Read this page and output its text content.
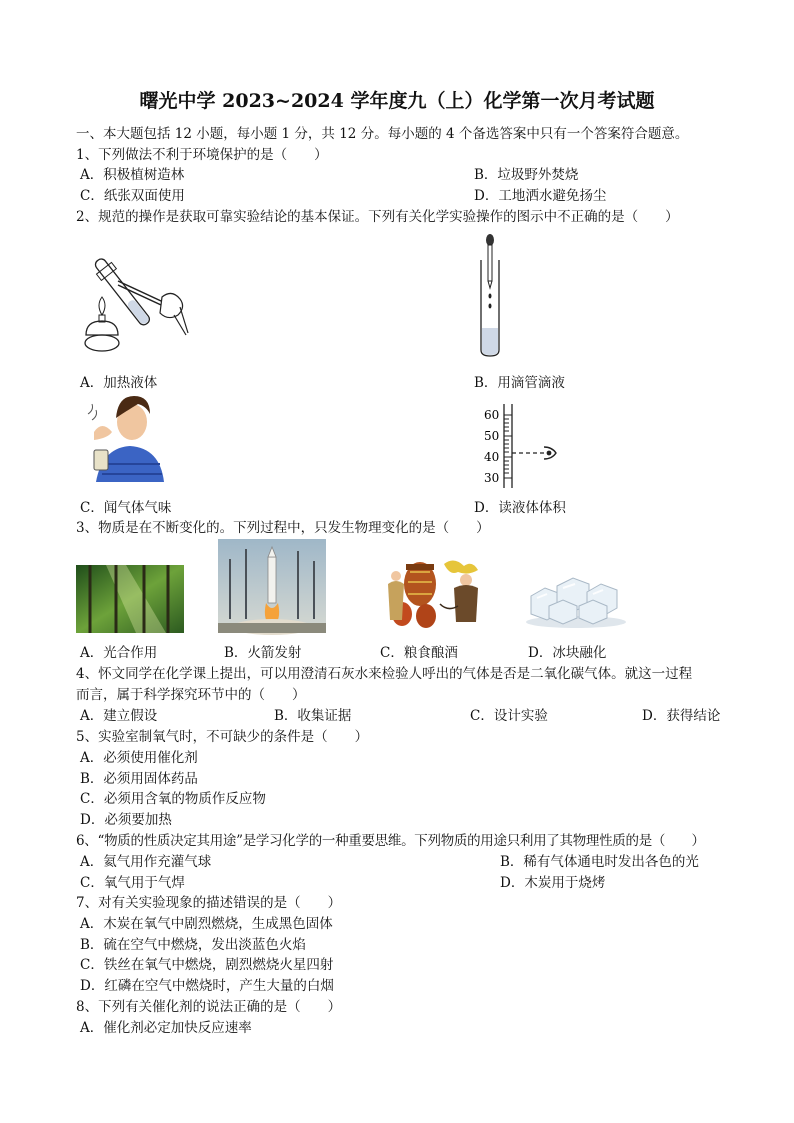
曙光中学 2023~2024 学年度九（上）化学第一次月考试题
一、本大题包括 12 小题，每小题 1 分，共 12 分。每小题的 4 个备选答案中只有一个答案符合题意。
1、下列做法不利于环境保护的是（　　）
A．积极植树造林	B．垃圾野外焚烧
C．纸张双面使用	D．工地洒水避免扬尘
2、规范的操作是获取可靠实验结论的基本保证。下列有关化学实验操作的图示中不正确的是（　　）
A．加热液体	B．用滴管滴液
C．闻气体气味
60
50
40
30
D．读液体体积
3、物质是在不断变化的。下列过程中，只发生物理变化的是（　　）
A．光合作用	B．火箭发射	C．粮食酿酒	D．冰块融化
4、怀文同学在化学课上提出，可以用澄清石灰水来检验人呼出的气体是否是二氧化碳气体。就这一过程
而言，属于科学探究环节中的（　　）
A．建立假设	B．收集证据	C．设计实验	D．获得结论
5、实验室制氧气时，不可缺少的条件是（　　）
A．必须使用催化剂
B．必须用固体药品
C．必须用含氧的物质作反应物
D．必须要加热
6、“物质的性质决定其用途”是学习化学的一种重要思维。下列物质的用途只利用了其物理性质的是（　　）
A．氦气用作充灌气球	B．稀有气体通电时发出各色的光
C．氧气用于气焊	D．木炭用于烧烤
7、对有关实验现象的描述错误的是（　　）
A．木炭在氧气中剧烈燃烧，生成黑色固体
B．硫在空气中燃烧，发出淡蓝色火焰
C．铁丝在氧气中燃烧，剧烈燃烧火星四射
D．红磷在空气中燃烧时，产生大量的白烟
8、下列有关催化剂的说法正确的是（　　）
A．催化剂必定加快反应速率
